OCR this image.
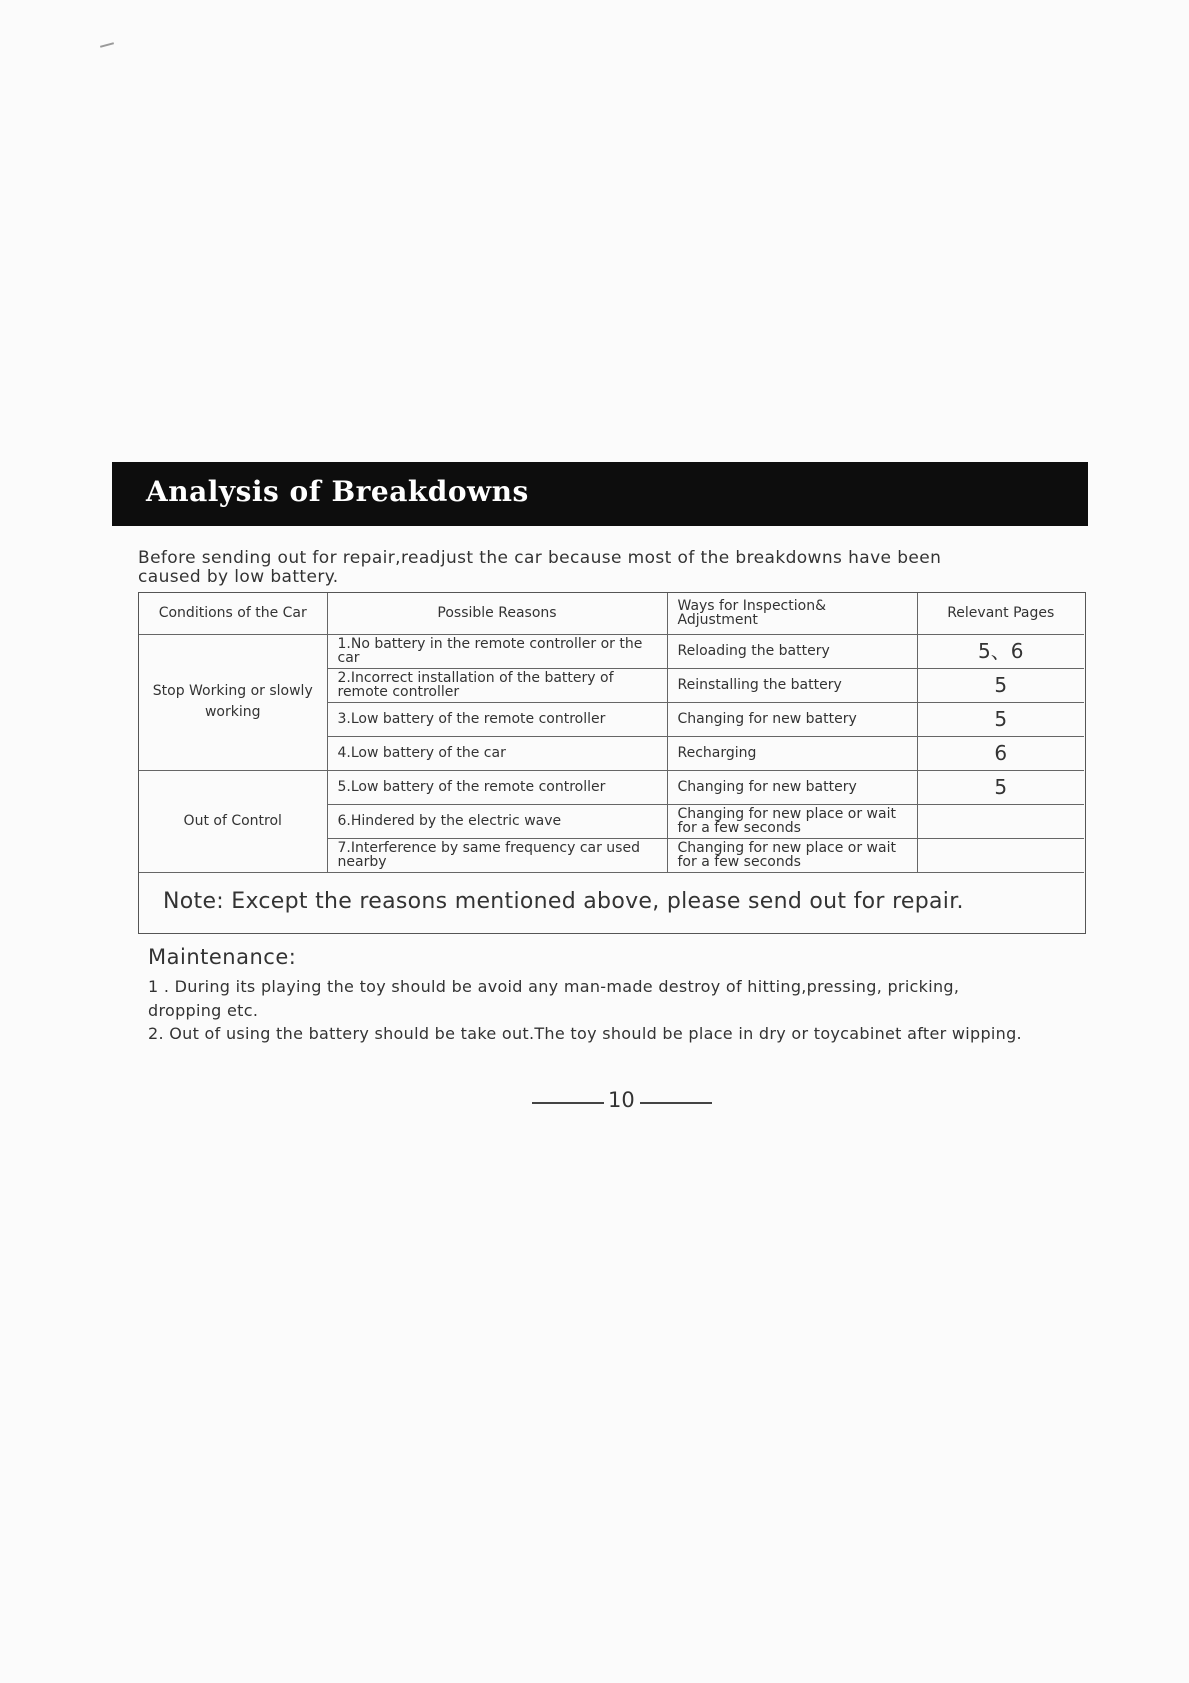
Analysis of Breakdowns
Before sending out for repair,readjust the car because most of the breakdowns have been caused by low battery.
Conditions of the Car	Possible Reasons	Ways for Inspection& Adjustment	Relevant Pages
Stop Working or slowly working	1.No battery in the remote controller or the car	Reloading the battery	5、6
	2.Incorrect installation of the battery of remote controller	Reinstalling the battery	5
	3.Low battery of the remote controller	Changing for new battery	5
	4.Low battery of the car	Recharging	6
Out of Control	5.Low battery of the remote controller	Changing for new battery	5
	6.Hindered by the electric wave	Changing for new place or wait for a few seconds	
	7.Interference by same frequency car used nearby	Changing for new place or wait for a few seconds	
Note: Except the reasons mentioned above, please send out for repair.
Maintenance:
1 . During its playing the toy should be avoid any man-made destroy of hitting,pressing, pricking, dropping etc.
2. Out of using the battery should be take out.The toy should be place in dry or toycabinet after wipping.
10
